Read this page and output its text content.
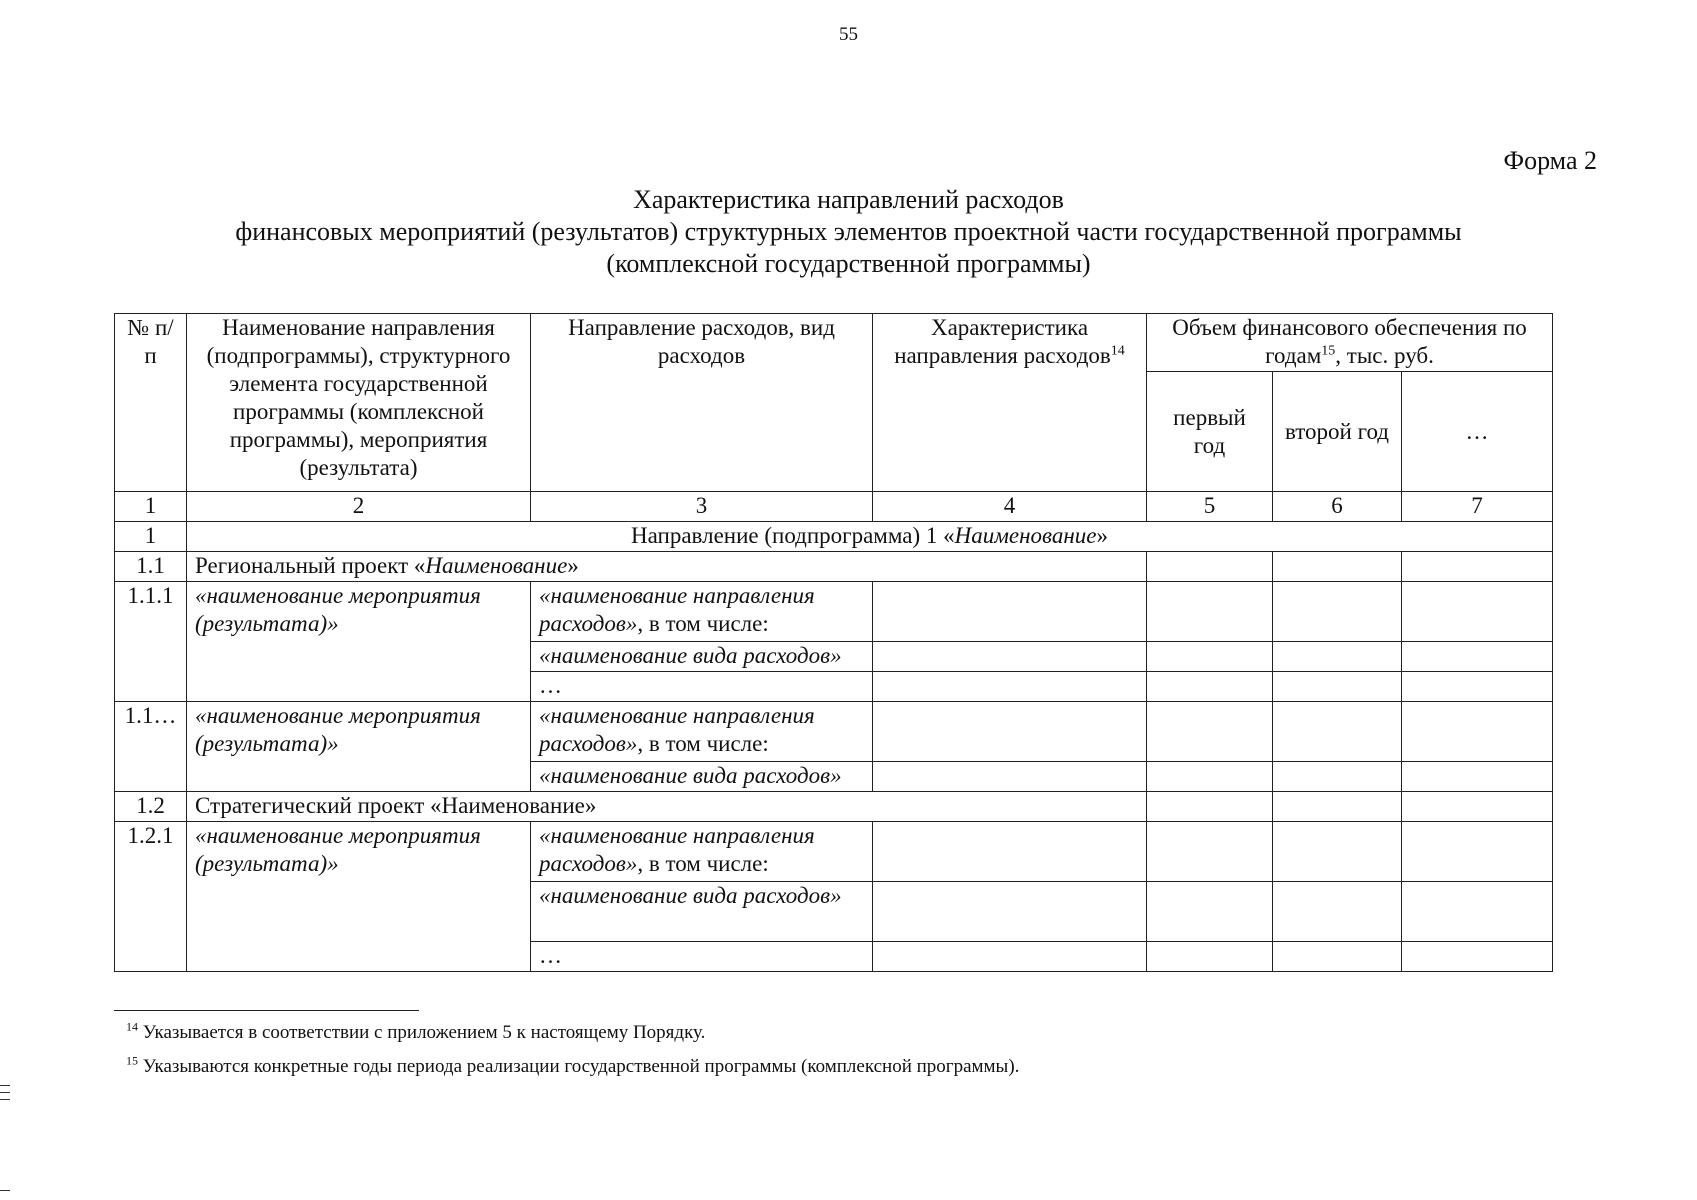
55
Форма 2
Характеристика направлений расходов
финансовых мероприятий (результатов) структурных элементов проектной части государственной программы
(комплексной государственной программы)
№ п/п	Наименование направления (подпрограммы), структурного элемента государственной программы (комплексной программы), мероприятия (результата)	Направление расходов, вид расходов	Характеристика направления расходов$^{14}$	Объем финансового обеспечения по годам$^{15}$, тыс. руб.		
				первый год	второй год	…
1	2	3	4	5	6	7
1	Направление (подпрограмма) 1 «Наименование»					
1.1	Региональный проект «Наименование»					
1.1.1	«наименование мероприятия (результата)»	«наименование направления расходов», в том числе:				
		«наименование вида расходов»				
		…				
1.1…	«наименование мероприятия (результата)»	«наименование направления расходов», в том числе:				
		«наименование вида расходов»				
1.2	Стратегический проект «Наименование»					
1.2.1	«наименование мероприятия (результата)»	«наименование направления расходов», в том числе:				
		«наименование вида расходов»				
		…				
$^{14}$ Указывается в соответствии с приложением 5 к настоящему Порядку.
$^{15}$ Указываются конкретные годы периода реализации государственной программы (комплексной программы).
